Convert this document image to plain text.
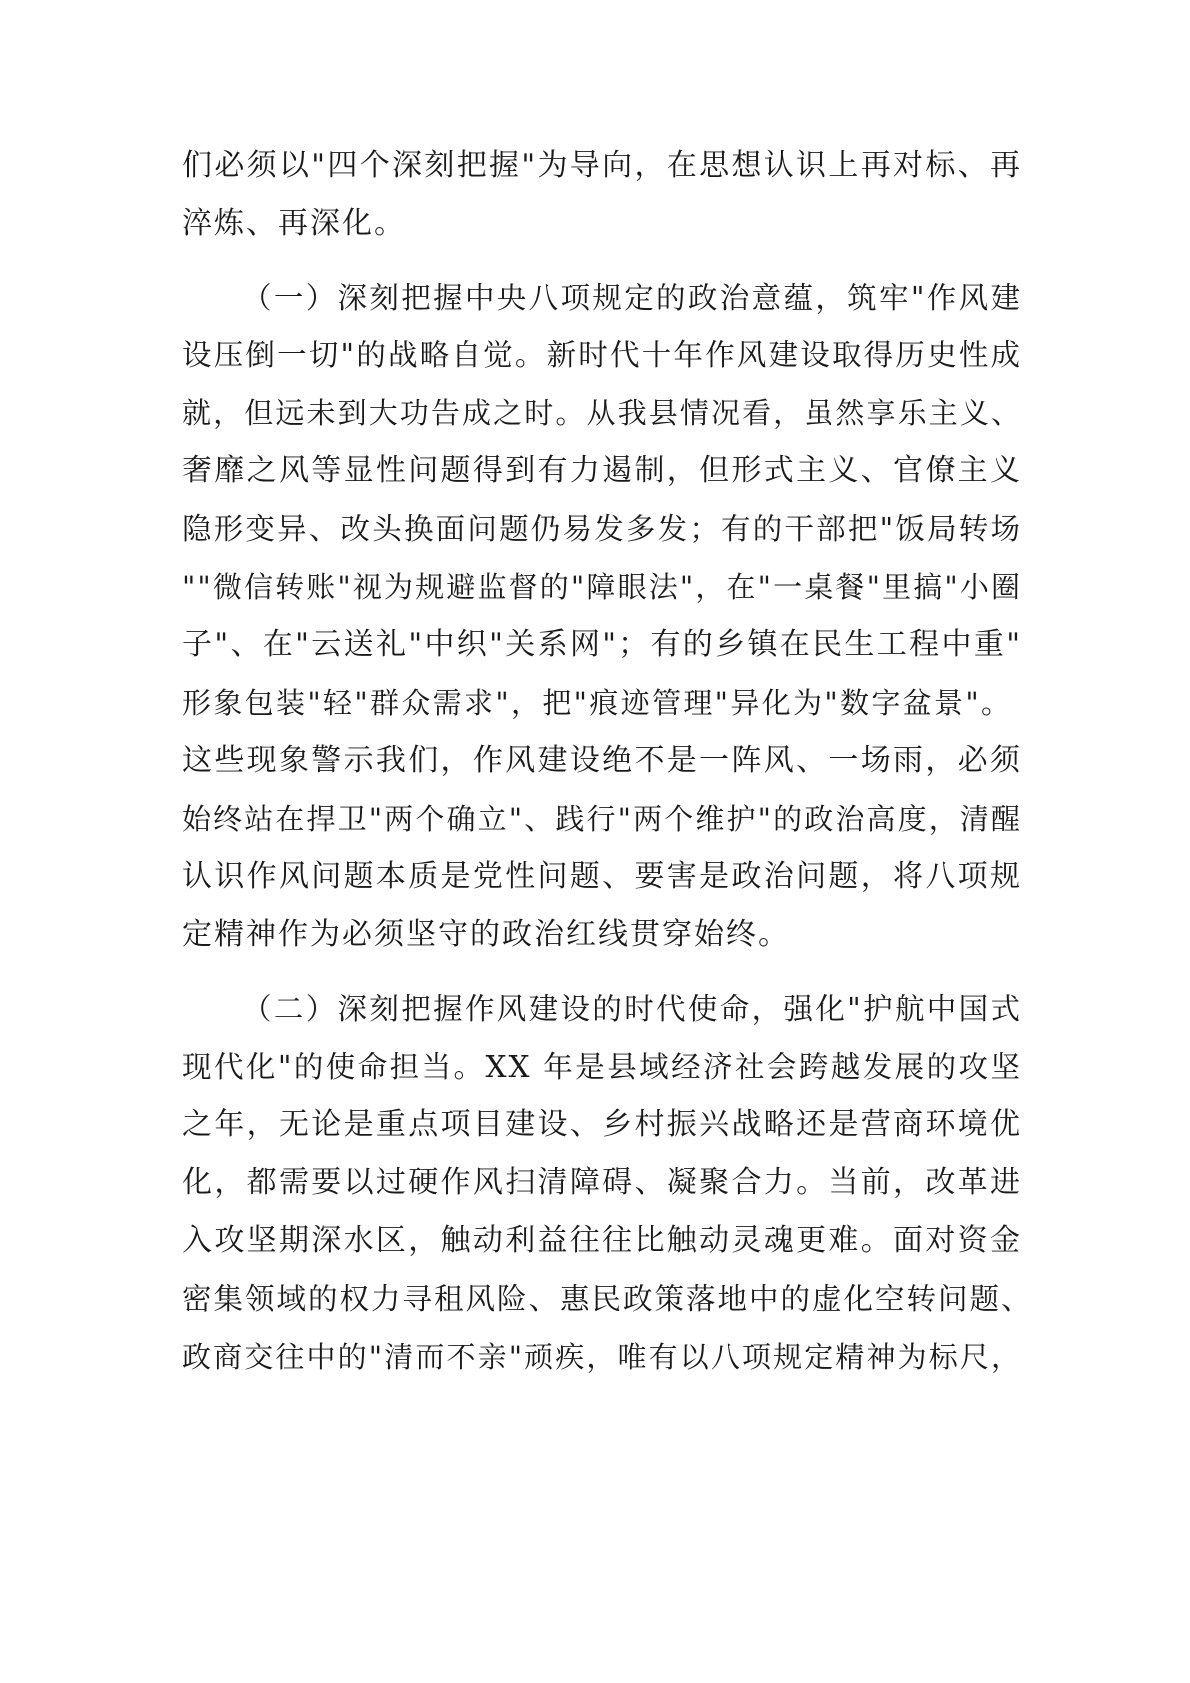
们必须以"四个深刻把握"为导向，在思想认识上再对标、再
淬炼、再深化。
（一）深刻把握中央八项规定的政治意蕴，筑牢"作风建
设压倒一切"的战略自觉。新时代十年作风建设取得历史性成
就，但远未到大功告成之时。从我县情况看，虽然享乐主义、
奢靡之风等显性问题得到有力遏制，但形式主义、官僚主义
隐形变异、改头换面问题仍易发多发；有的干部把"饭局转场
""微信转账"视为规避监督的"障眼法"，在"一桌餐"里搞"小圈
子"、在"云送礼"中织"关系网"；有的乡镇在民生工程中重"
形象包装"轻"群众需求"，把"痕迹管理"异化为"数字盆景"。
这些现象警示我们，作风建设绝不是一阵风、一场雨，必须
始终站在捍卫"两个确立"、践行"两个维护"的政治高度，清醒
认识作风问题本质是党性问题、要害是政治问题，将八项规
定精神作为必须坚守的政治红线贯穿始终。
（二）深刻把握作风建设的时代使命，强化"护航中国式
现代化"的使命担当。XX 年是县域经济社会跨越发展的攻坚
之年，无论是重点项目建设、乡村振兴战略还是营商环境优
化，都需要以过硬作风扫清障碍、凝聚合力。当前，改革进
入攻坚期深水区，触动利益往往比触动灵魂更难。面对资金
密集领域的权力寻租风险、惠民政策落地中的虚化空转问题、
政商交往中的"清而不亲"顽疾，唯有以八项规定精神为标尺，
